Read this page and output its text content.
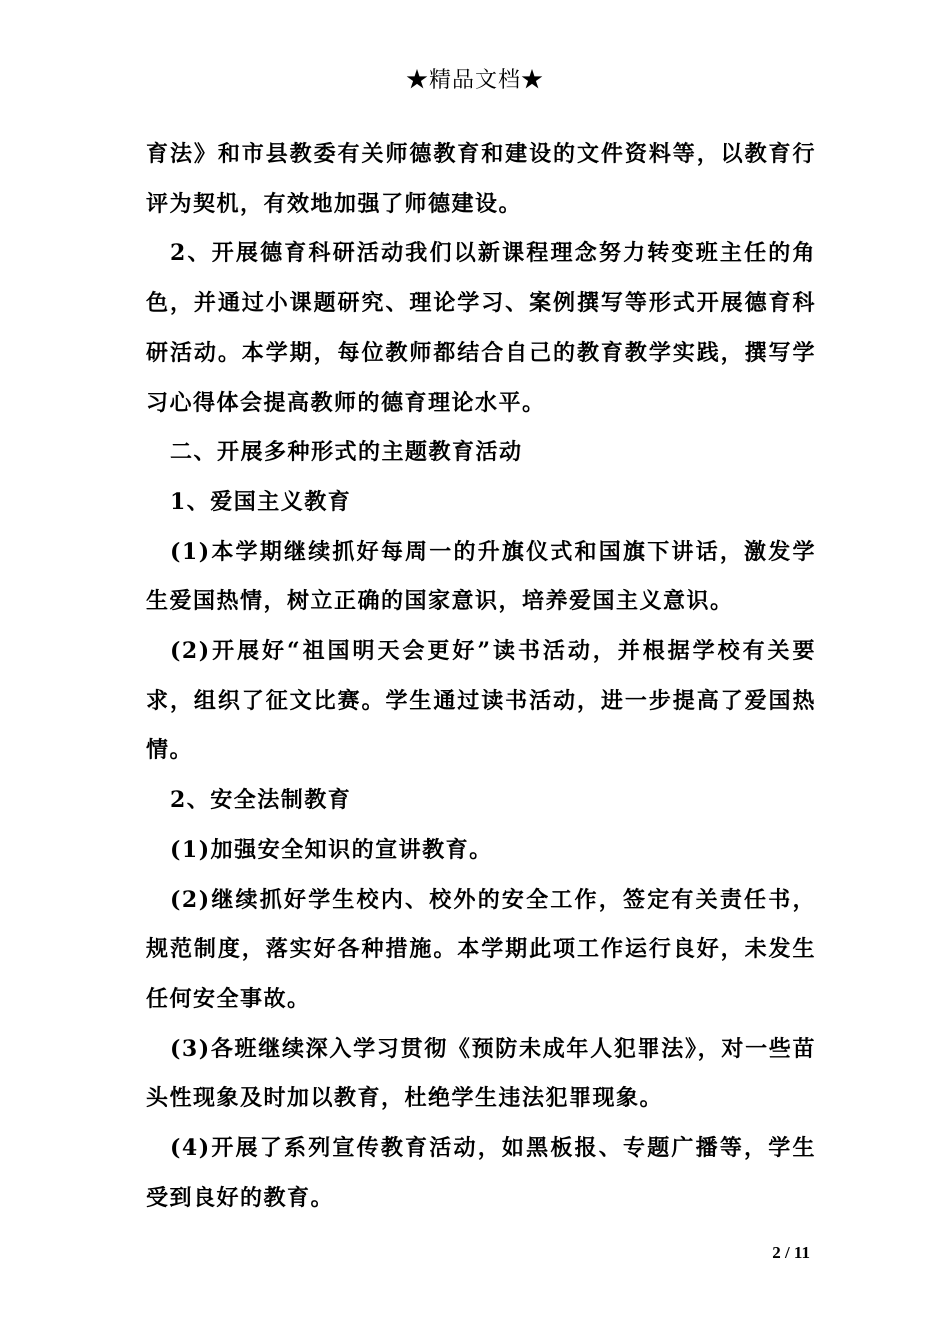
★精品文档★

育法》和市县教委有关师德教育和建设的文件资料等，以教育行评为契机，有效地加强了师德建设。

2、开展德育科研活动我们以新课程理念努力转变班主任的角色，并通过小课题研究、理论学习、案例撰写等形式开展德育科研活动。本学期，每位教师都结合自己的教育教学实践，撰写学习心得体会提高教师的德育理论水平。

二、开展多种形式的主题教育活动

1、爱国主义教育

(1)本学期继续抓好每周一的升旗仪式和国旗下讲话，激发学生爱国热情，树立正确的国家意识，培养爱国主义意识。

(2)开展好“祖国明天会更好”读书活动，并根据学校有关要求，组织了征文比赛。学生通过读书活动，进一步提高了爱国热情。

2、安全法制教育

(1)加强安全知识的宣讲教育。

(2)继续抓好学生校内、校外的安全工作，签定有关责任书，规范制度，落实好各种措施。本学期此项工作运行良好，未发生任何安全事故。

(3)各班继续深入学习贯彻《预防未成年人犯罪法》，对一些苗头性现象及时加以教育，杜绝学生违法犯罪现象。

(4)开展了系列宣传教育活动，如黑板报、专题广播等，学生受到良好的教育。

2 / 11
